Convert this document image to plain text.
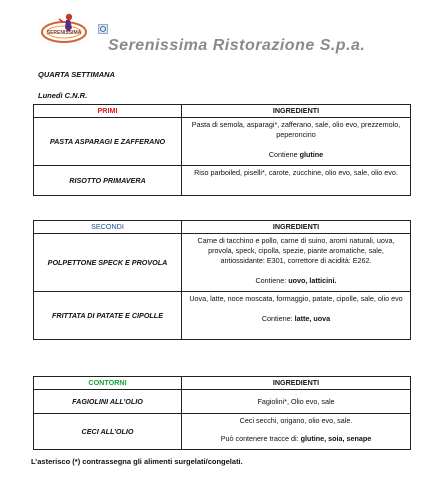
SERENISSIMA
Serenissima Ristorazione S.p.a.
QUARTA SETTIMANA
Lunedì C.N.R.
PRIMI	INGREDIENTI
PASTA ASPARAGI E ZAFFERANO	Pasta di semola, asparagi*, zafferano, sale, olio evo, prezzemolo, peperoncino
Contiene glutine

RISOTTO PRIMAVERA	Riso parboiled, piselli*, carote, zucchine, olio evo, sale, olio evo.
SECONDI	INGREDIENTI
POLPETTONE SPECK E PROVOLA	Carne di tacchino e pollo, carne di suino, aromi naturali, uova, provola, speck, cipolla, spezie, piante aromatiche, sale, antiossidante: E301, correttore di acidità: E262.
Contiene: uovo, latticini.

FRITTATA DI PATATE E CIPOLLE	Uova, latte, noce moscata, formaggio, patate, cipolle, sale, olio evo
Contiene: latte, uova
CONTORNI	INGREDIENTI
FAGIOLINI ALL’OLIO	Fagiolini*, Olio evo, sale
CECI ALL’OLIO	Ceci secchi, origano, olio evo, sale.
Può contenere tracce di: glutine, soia, senape
L’asterisco (*) contrassegna gli alimenti surgelati/congelati.
